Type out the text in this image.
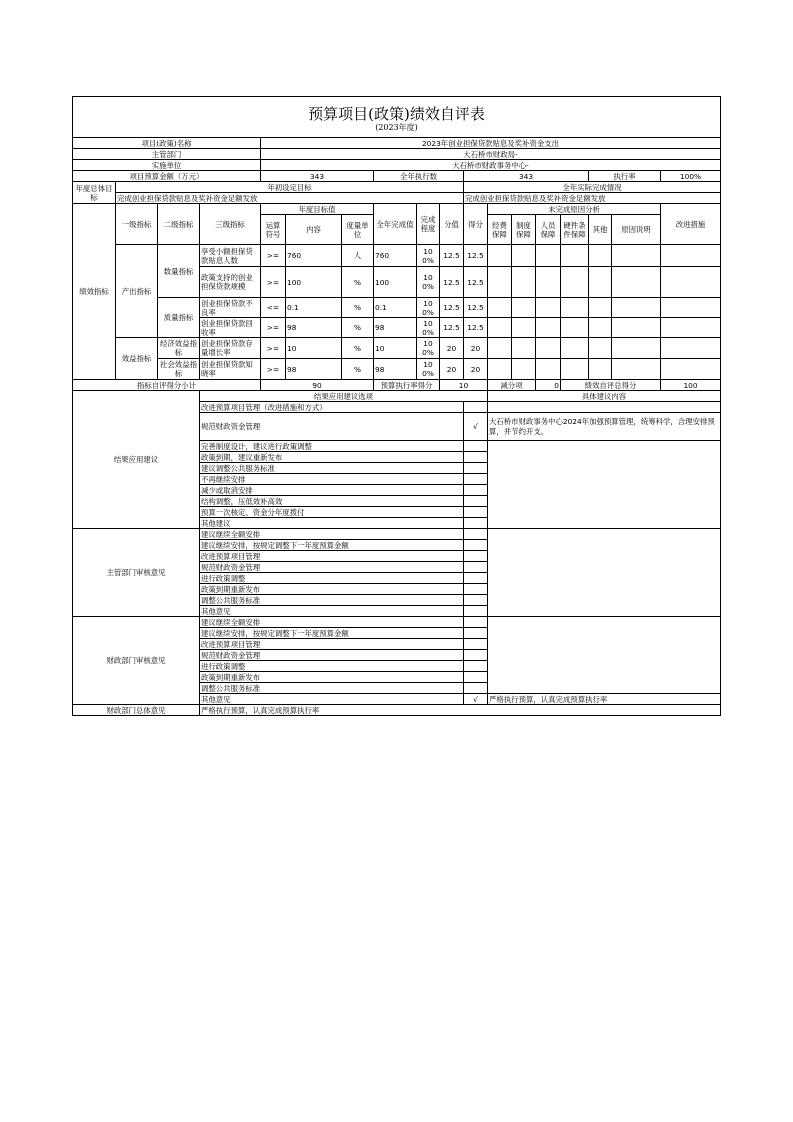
预算项目(政策)绩效自评表
(2023年度)																	

项目(政策)名称				2023年创业担保贷款贴息及奖补资金支出													
主管部门				大石桥市财政局-													
实施单位				大石桥市财政事务中心-													
项目预算金额（万元）				343			全年执行数			343					执行率		100%
年度总体目标	年初设定目标									全年实际完成情况							
	完成创业担保贷款贴息及奖补资金足额发放									完成创业担保贷款贴息及奖补资金足额发放							
绩效指标	一级指标	二级指标	三级指标	年度目标值			全年完成值	完成程度	分值	得分	未完成原因分析						改进措施
				运算符号	内容	度量单位					经费保障	制度保障	人员保障	硬件条件保障	其他	原因说明	
	产出指标	数量指标	享受小额担保贷款贴息人数	>=	760	人	760	100%	12.5	12.5							
			政策支持的创业担保贷款规模	>=	100	%	100	100%	12.5	12.5							
		质量指标	创业担保贷款不良率	<=	0.1	%	0.1	100%	12.5	12.5							
			创业担保贷款回收率	>=	98	%	98	100%	12.5	12.5							
	效益指标	经济效益指标	创业担保贷款存量增长率	>=	10	%	10	100%	20	20							
		社会效益指标	创业担保贷款知晓率	>=	98	%	98	100%	20	20							
指标自评得分小计				90			预算执行率得分		10		减分项		0	绩效自评总得分			100
结果应用建议			结果应用建议选项								具体建议内容						
			改进预算项目管理（改进措施和方式）														
			规范财政资金管理							√	大石桥市财政事务中心2024年加强预算管理，统筹科学，合理安排预算，并节约开支。						
			完善制度设计，建议进行政策调整														
			政策到期，建议重新发布														
			建议调整公共服务标准														
			不再继续安排														
			减少或取消安排														
			结构调整，压低效补高效														
			预算一次核定、资金分年度拨付														
			其他建议														
主管部门审核意见	建议继续全额安排		
	建议继续安排，按规定调整下一年度预算金额		
	改进预算项目管理		
	规范财政资金管理		
	进行政策调整		
	政策到期重新发布		
	调整公共服务标准		
	其他意见		
财政部门审核意见	建议继续全额安排		
	建议继续安排，按规定调整下一年度预算金额		
	改进预算项目管理		
	规范财政资金管理		
	进行政策调整		
	政策到期重新发布		
	调整公共服务标准		
	其他意见	√	严格执行预算，认真完成预算执行率
财政部门总体意见	严格执行预算，认真完成预算执行率		
